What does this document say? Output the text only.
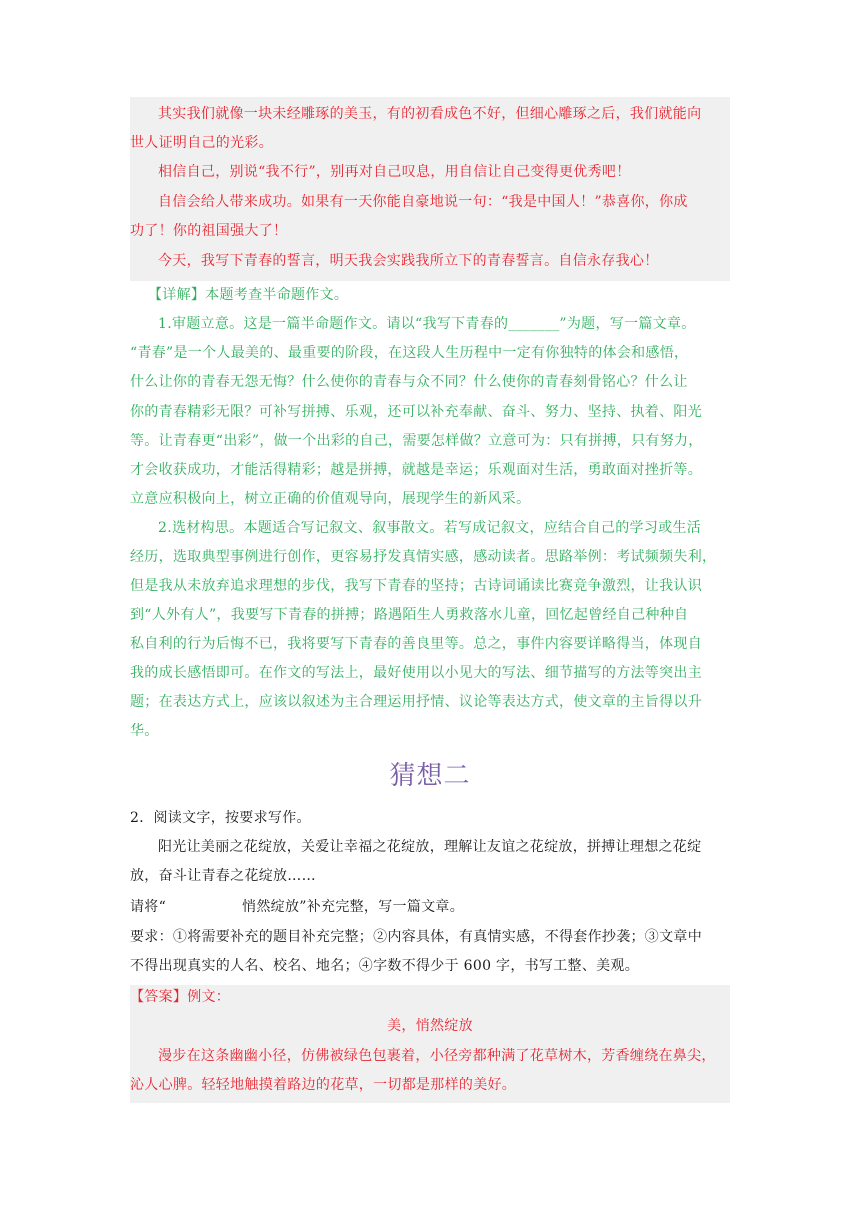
其实我们就像一块未经雕琢的美玉，有的初看成色不好，但细心雕琢之后，我们就能向
世人证明自己的光彩。
相信自己，别说“我不行”，别再对自己叹息，用自信让自己变得更优秀吧！
自信会给人带来成功。如果有一天你能自豪地说一句：“我是中国人！”恭喜你，你成
功了！你的祖国强大了！
今天，我写下青春的誓言，明天我会实践我所立下的青春誓言。自信永存我心！
【详解】本题考查半命题作文。
1.审题立意。这是一篇半命题作文。请以“我写下青春的_______”为题，写一篇文章。
“青春”是一个人最美的、最重要的阶段，在这段人生历程中一定有你独特的体会和感悟，
什么让你的青春无怨无悔？什么使你的青春与众不同？什么使你的青春刻骨铭心？什么让
你的青春精彩无限？可补写拼搏、乐观，还可以补充奉献、奋斗、努力、坚持、执着、阳光
等。让青春更“出彩”，做一个出彩的自己，需要怎样做？立意可为：只有拼搏，只有努力，
才会收获成功，才能活得精彩；越是拼搏，就越是幸运；乐观面对生活，勇敢面对挫折等。
立意应积极向上，树立正确的价值观导向，展现学生的新风采。
2.选材构思。本题适合写记叙文、叙事散文。若写成记叙文，应结合自己的学习或生活
经历，选取典型事例进行创作，更容易抒发真情实感，感动读者。思路举例：考试频频失利，
但是我从未放弃追求理想的步伐，我写下青春的坚持；古诗词诵读比赛竞争激烈，让我认识
到“人外有人”，我要写下青春的拼搏；路遇陌生人勇救落水儿童，回忆起曾经自己种种自
私自利的行为后悔不已，我将要写下青春的善良里等。总之，事件内容要详略得当，体现自
我的成长感悟即可。在作文的写法上，最好使用以小见大的写法、细节描写的方法等突出主
题；在表达方式上，应该以叙述为主合理运用抒情、议论等表达方式，使文章的主旨得以升
华。
猜想二
2．阅读文字，按要求写作。
阳光让美丽之花绽放，关爱让幸福之花绽放，理解让友谊之花绽放，拼搏让理想之花绽
放，奋斗让青春之花绽放……
请将“                悄然绽放”补充完整，写一篇文章。
要求：①将需要补充的题目补充完整；②内容具体，有真情实感，不得套作抄袭；③文章中
不得出现真实的人名、校名、地名；④字数不得少于 600 字，书写工整、美观。
【答案】例文：
美，悄然绽放
漫步在这条幽幽小径，仿佛被绿色包裹着，小径旁都种满了花草树木，芳香缠绕在鼻尖，
沁人心脾。轻轻地触摸着路边的花草，一切都是那样的美好。
